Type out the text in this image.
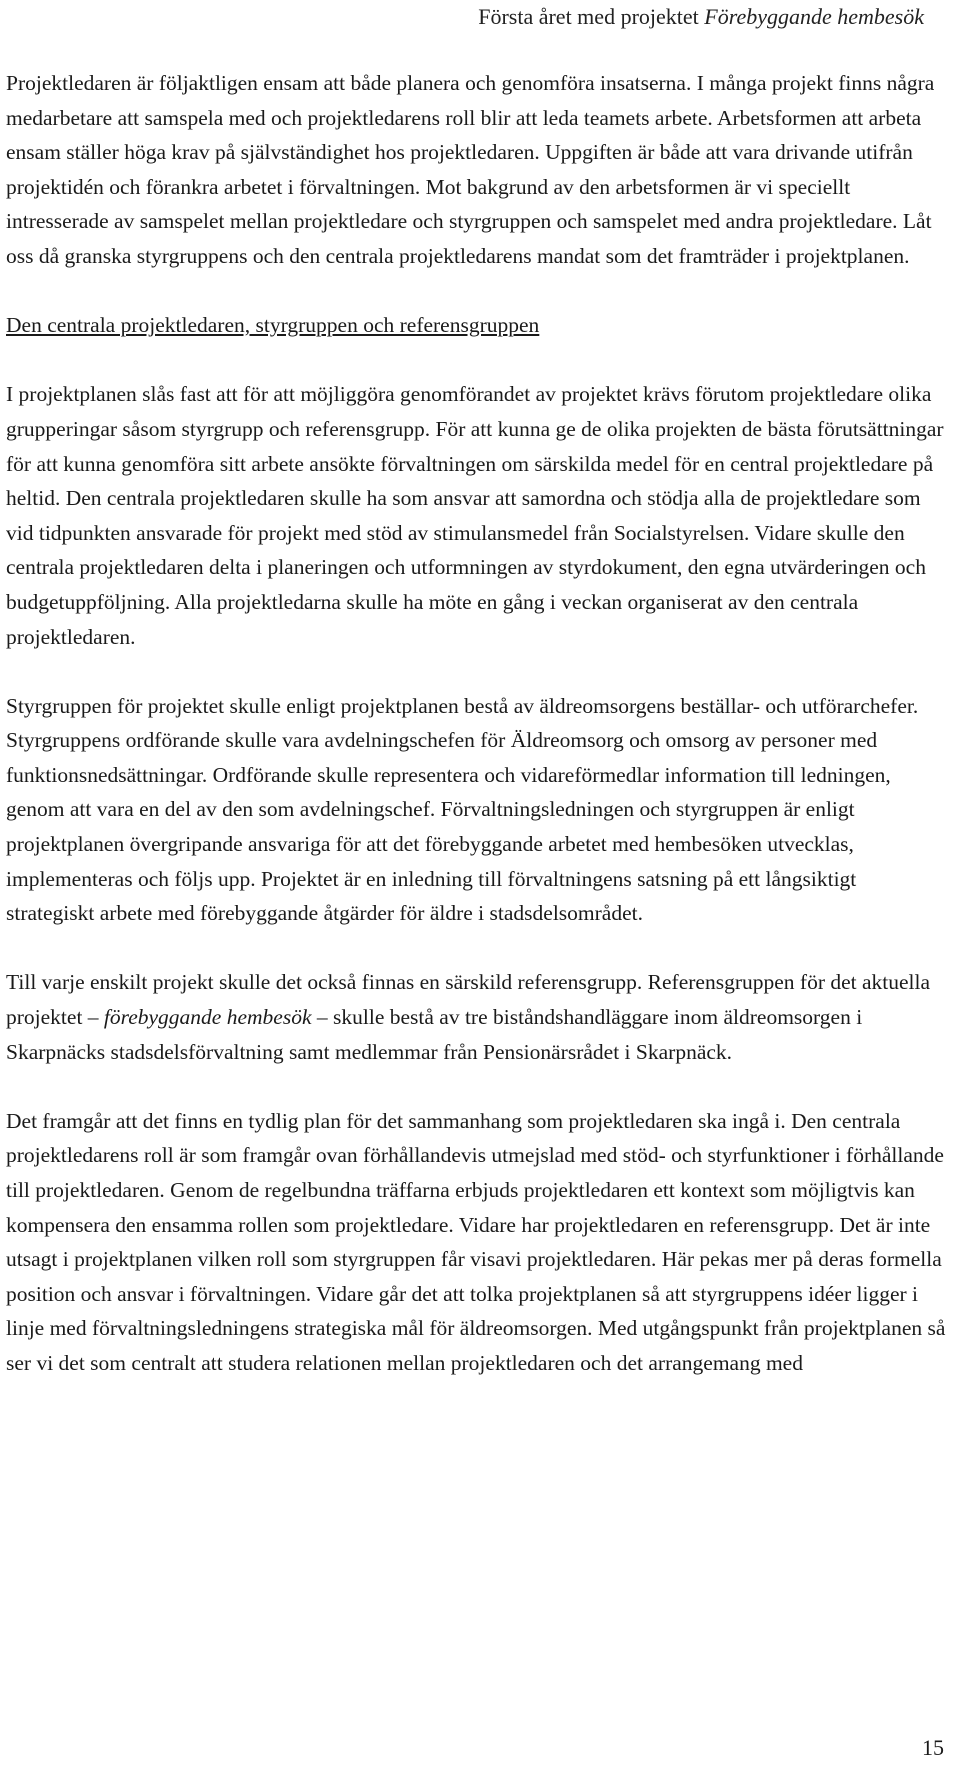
Första året med projektet Förebyggande hembesök

Projektledaren är följaktligen ensam att både planera och genomföra insatserna. I många projekt finns några medarbetare att samspela med och projektledarens roll blir att leda teamets arbete. Arbetsformen att arbeta ensam ställer höga krav på självständighet hos projektledaren. Uppgiften är både att vara drivande utifrån projektidén och förankra arbetet i förvaltningen. Mot bakgrund av den arbetsformen är vi speciellt intresserade av samspelet mellan projektledare och styrgruppen och samspelet med andra projektledare. Låt oss då granska styrgruppens och den centrala projektledarens mandat som det framträder i projektplanen.

Den centrala projektledaren, styrgruppen och referensgruppen

I projektplanen slås fast att för att möjliggöra genomförandet av projektet krävs förutom projektledare olika grupperingar såsom styrgrupp och referensgrupp. För att kunna ge de olika projekten de bästa förutsättningar för att kunna genomföra sitt arbete ansökte förvaltningen om särskilda medel för en central projektledare på heltid. Den centrala projektledaren skulle ha som ansvar att samordna och stödja alla de projektledare som vid tidpunkten ansvarade för projekt med stöd av stimulansmedel från Socialstyrelsen. Vidare skulle den centrala projektledaren delta i planeringen och utformningen av styrdokument, den egna utvärderingen och budgetuppföljning. Alla projektledarna skulle ha möte en gång i veckan organiserat av den centrala projektledaren.

Styrgruppen för projektet skulle enligt projektplanen bestå av äldreomsorgens beställar- och utförarchefer. Styrgruppens ordförande skulle vara avdelningschefen för Äldreomsorg och omsorg av personer med funktionsnedsättningar. Ordförande skulle representera och vidareförmedlar information till ledningen, genom att vara en del av den som avdelningschef. Förvaltningsledningen och styrgruppen är enligt projektplanen övergripande ansvariga för att det förebyggande arbetet med hembesöken utvecklas, implementeras och följs upp. Projektet är en inledning till förvaltningens satsning på ett långsiktigt strategiskt arbete med förebyggande åtgärder för äldre i stadsdelsområdet.

Till varje enskilt projekt skulle det också finnas en särskild referensgrupp. Referensgruppen för det aktuella projektet – förebyggande hembesök – skulle bestå av tre biståndshandläggare inom äldreomsorgen i Skarpnäcks stadsdelsförvaltning samt medlemmar från Pensionärsrådet i Skarpnäck.

Det framgår att det finns en tydlig plan för det sammanhang som projektledaren ska ingå i. Den centrala projektledarens roll är som framgår ovan förhållandevis utmejslad med stöd- och styrfunktioner i förhållande till projektledaren. Genom de regelbundna träffarna erbjuds projektledaren ett kontext som möjligtvis kan kompensera den ensamma rollen som projektledare. Vidare har projektledaren en referensgrupp. Det är inte utsagt i projektplanen vilken roll som styrgruppen får visavi projektledaren. Här pekas mer på deras formella position och ansvar i förvaltningen. Vidare går det att tolka projektplanen så att styrgruppens idéer ligger i linje med förvaltningsledningens strategiska mål för äldreomsorgen. Med utgångspunkt från projektplanen så ser vi det som centralt att studera relationen mellan projektledaren och det arrangemang med

15
